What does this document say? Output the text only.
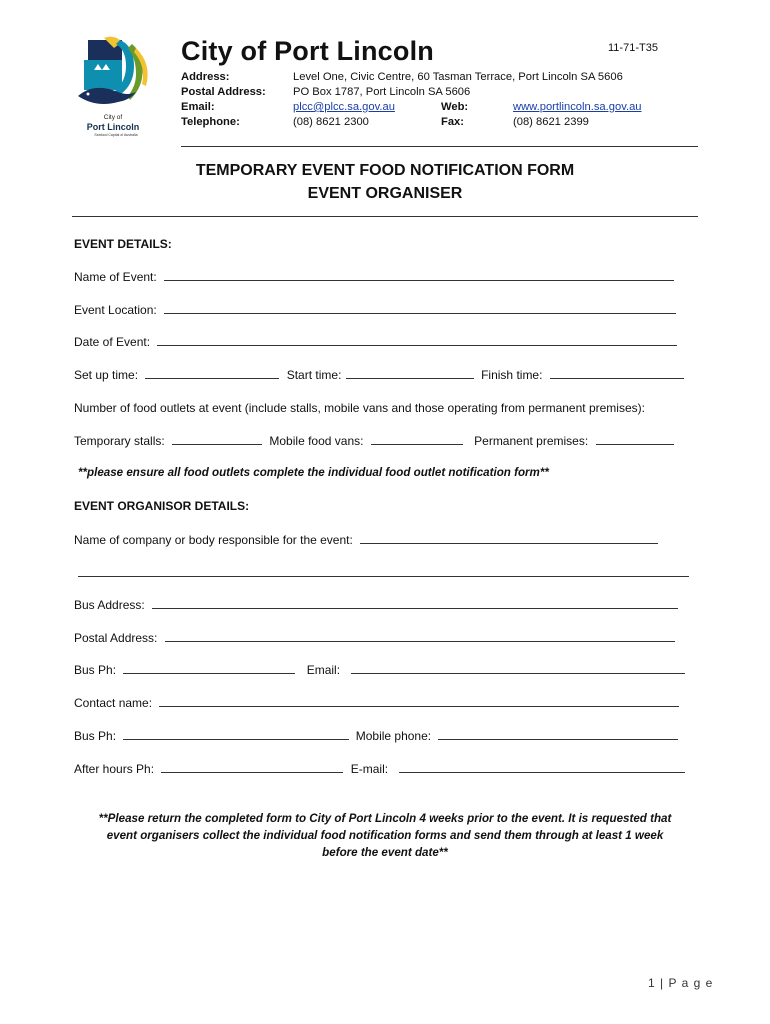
City of
Port Lincoln
Seafood Capital of Australia
City of Port Lincoln	11-71-T35
Address:	Level One, Civic Centre, 60 Tasman Terrace, Port Lincoln SA 5606
Postal Address: PO Box 1787, Port Lincoln SA 5606
Email:	plcc@plcc.sa.gov.au	Web:	www.portlincoln.sa.gov.au
Telephone:	(08) 8621 2300	Fax:	(08) 8621 2399
TEMPORARY EVENT FOOD NOTIFICATION FORM
EVENT ORGANISER
EVENT DETAILS:
Name of Event:
Event Location:
Date of Event:
Set up time:	Start time:	Finish time:
Number of food outlets at event (include stalls, mobile vans and those operating from permanent premises):
Temporary stalls:	Mobile food vans:	Permanent premises:
**please ensure all food outlets complete the individual food outlet notification form**
EVENT ORGANISOR DETAILS:
Name of company or body responsible for the event:
Bus Address:
Postal Address:
Bus Ph:	Email:
Contact name:
Bus Ph:	Mobile phone:
After hours Ph:	E-mail:
**Please return the completed form to City of Port Lincoln 4 weeks prior to the event. It is requested that
event organisers collect the individual food notification forms and send them through at least 1 week
before the event date**
1 | P a g e
